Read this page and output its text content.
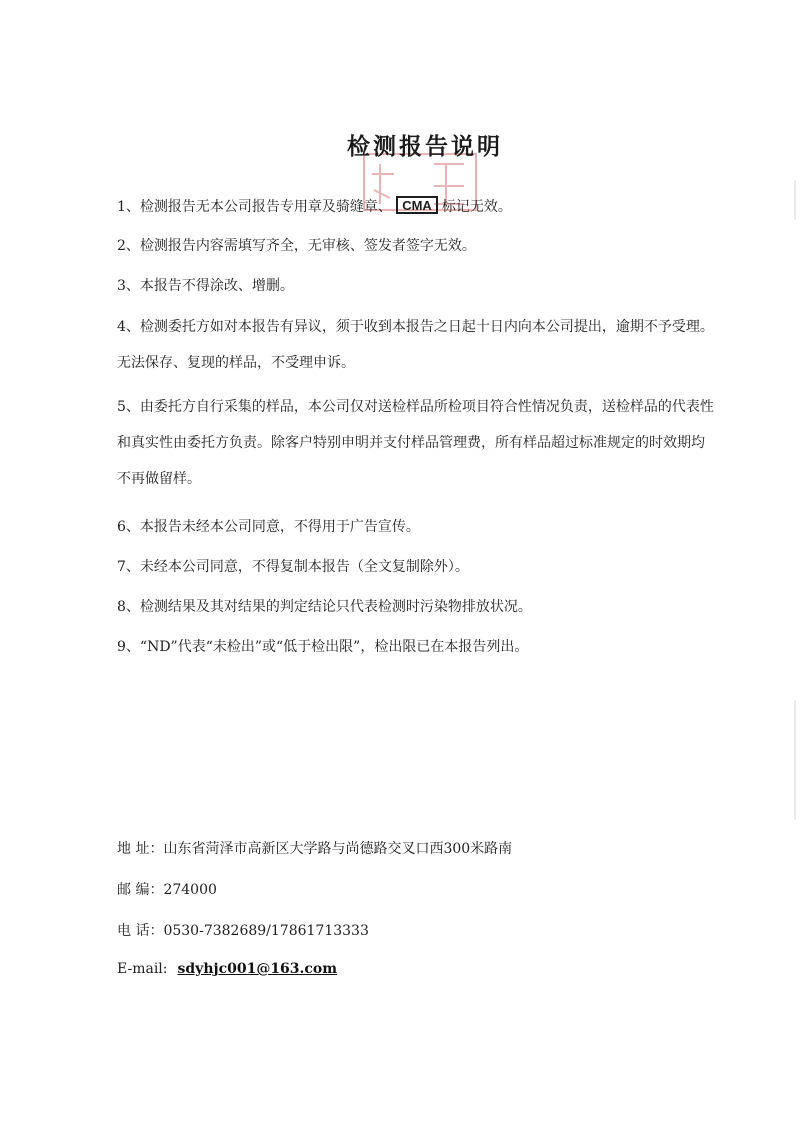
检测报告说明
1、检测报告无本公司报告专用章及骑缝章、 CMA 标记无效。
2、检测报告内容需填写齐全，无审核、签发者签字无效。
3、本报告不得涂改、增删。
4、检测委托方如对本报告有异议，须于收到本报告之日起十日内向本公司提出，逾期不予受理。无法保存、复现的样品，不受理申诉。
5、由委托方自行采集的样品，本公司仅对送检样品所检项目符合性情况负责，送检样品的代表性和真实性由委托方负责。除客户特别申明并支付样品管理费，所有样品超过标准规定的时效期均不再做留样。
6、本报告未经本公司同意，不得用于广告宣传。
7、未经本公司同意，不得复制本报告（全文复制除外）。
8、检测结果及其对结果的判定结论只代表检测时污染物排放状况。
9、“ND”代表“未检出”或“低于检出限”，检出限已在本报告列出。
地 址：山东省菏泽市高新区大学路与尚德路交叉口西300米路南
邮 编：274000
电 话：0530-7382689/17861713333
E-mail: sdyhjc001@163.com
